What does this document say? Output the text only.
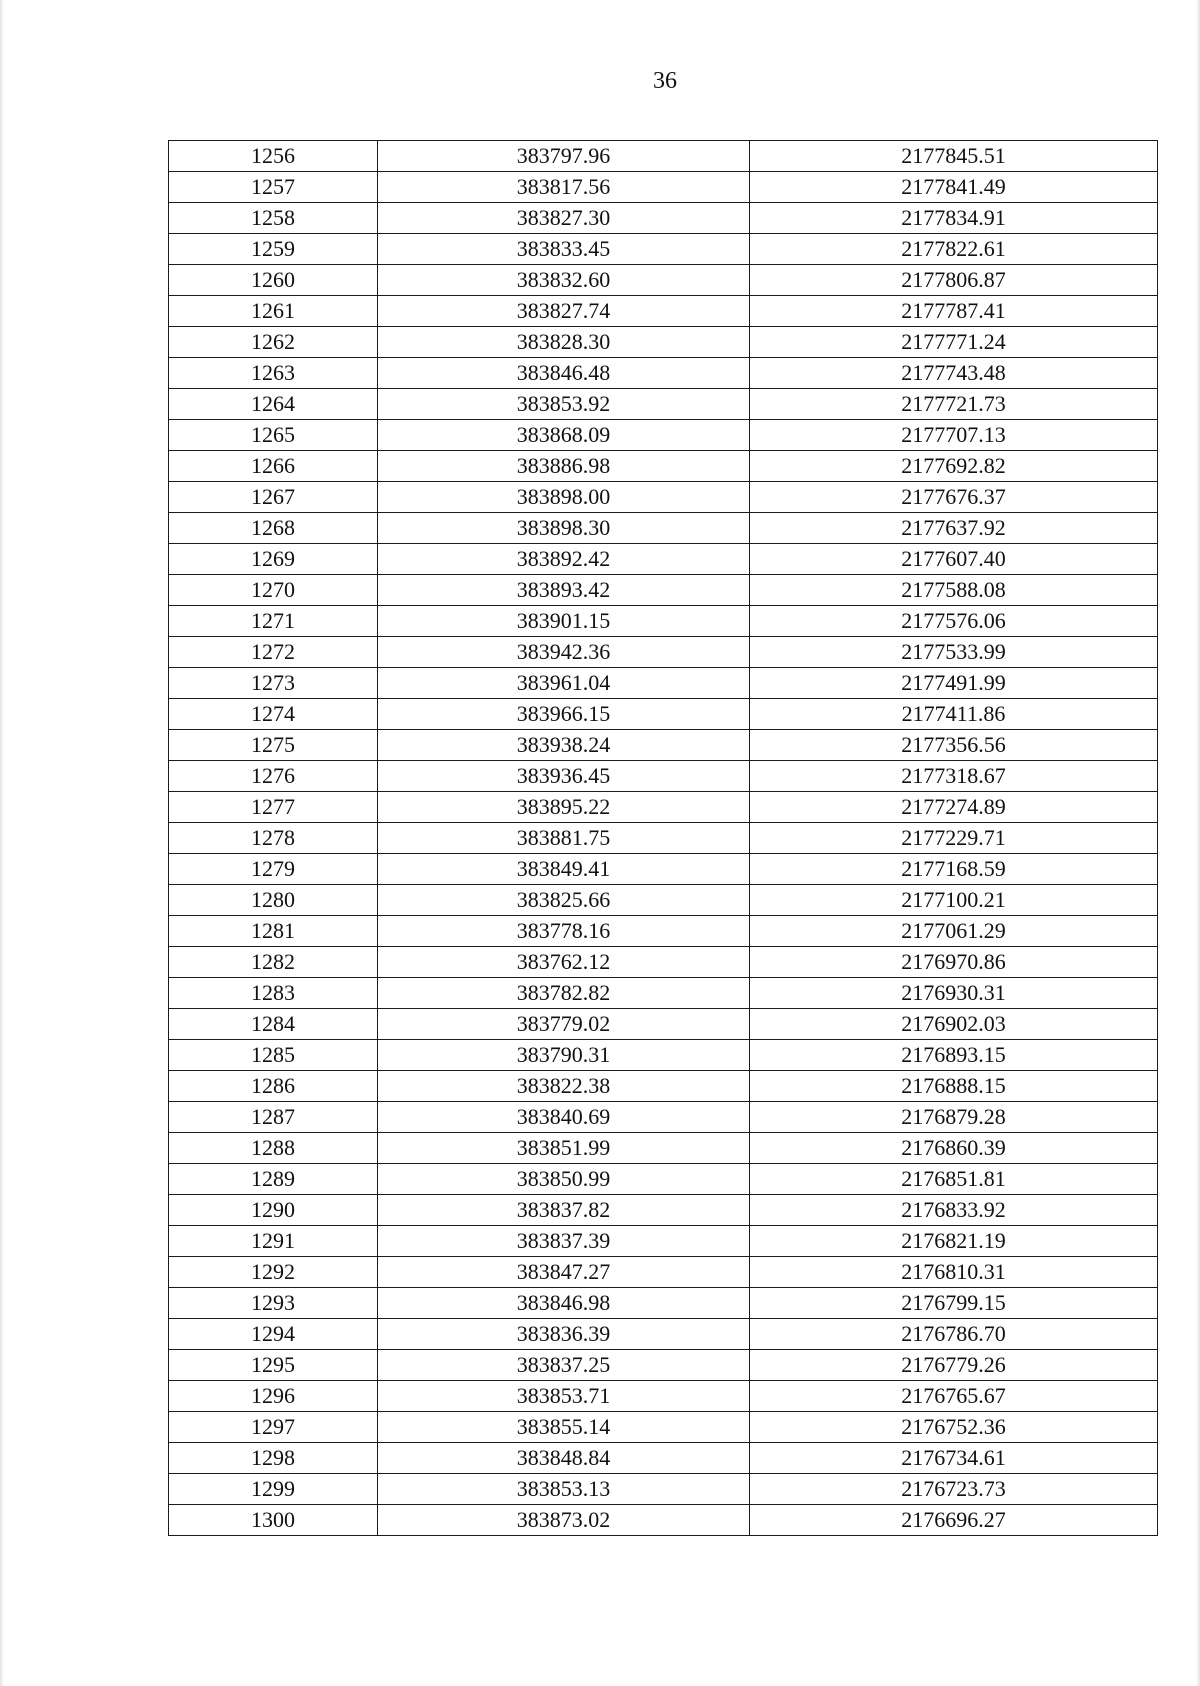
36
1256	383797.96	2177845.51
1257	383817.56	2177841.49
1258	383827.30	2177834.91
1259	383833.45	2177822.61
1260	383832.60	2177806.87
1261	383827.74	2177787.41
1262	383828.30	2177771.24
1263	383846.48	2177743.48
1264	383853.92	2177721.73
1265	383868.09	2177707.13
1266	383886.98	2177692.82
1267	383898.00	2177676.37
1268	383898.30	2177637.92
1269	383892.42	2177607.40
1270	383893.42	2177588.08
1271	383901.15	2177576.06
1272	383942.36	2177533.99
1273	383961.04	2177491.99
1274	383966.15	2177411.86
1275	383938.24	2177356.56
1276	383936.45	2177318.67
1277	383895.22	2177274.89
1278	383881.75	2177229.71
1279	383849.41	2177168.59
1280	383825.66	2177100.21
1281	383778.16	2177061.29
1282	383762.12	2176970.86
1283	383782.82	2176930.31
1284	383779.02	2176902.03
1285	383790.31	2176893.15
1286	383822.38	2176888.15
1287	383840.69	2176879.28
1288	383851.99	2176860.39
1289	383850.99	2176851.81
1290	383837.82	2176833.92
1291	383837.39	2176821.19
1292	383847.27	2176810.31
1293	383846.98	2176799.15
1294	383836.39	2176786.70
1295	383837.25	2176779.26
1296	383853.71	2176765.67
1297	383855.14	2176752.36
1298	383848.84	2176734.61
1299	383853.13	2176723.73
1300	383873.02	2176696.27
